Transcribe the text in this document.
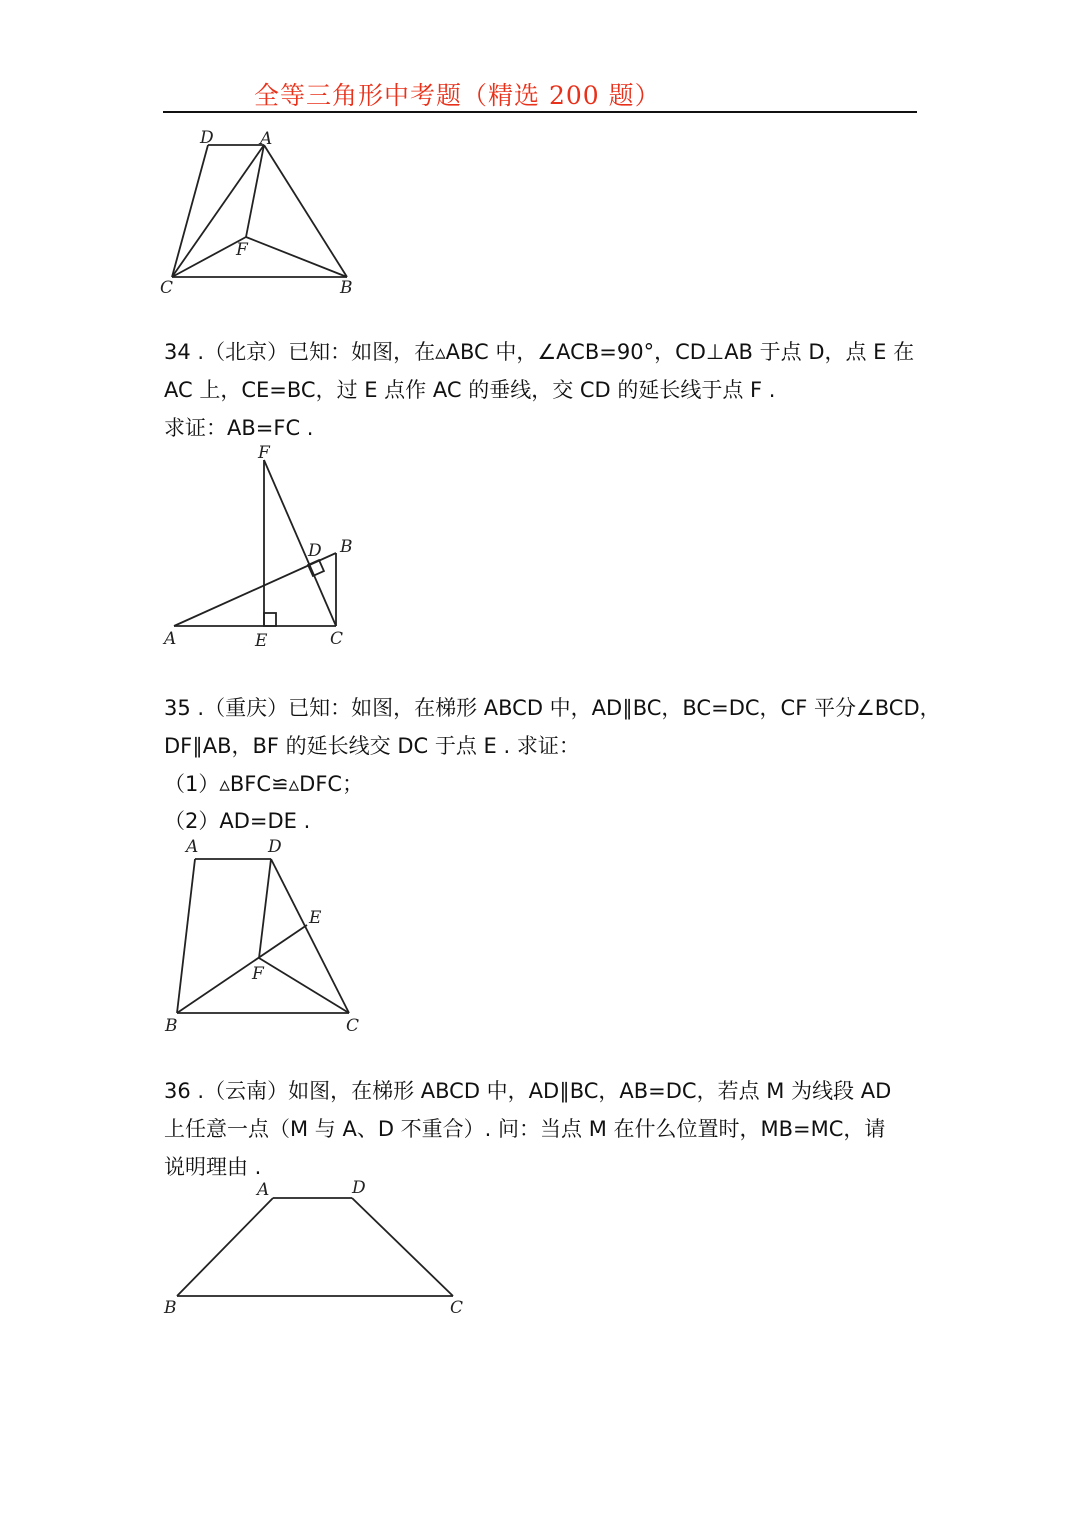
全等三角形中考题（精选 200 题）
D	A
F
C	B
34 .（北京）已知：如图，在▵ABC 中，∠ACB=90°，CD⊥AB 于点 D，点 E 在
AC 上，CE=BC，过 E 点作 AC 的垂线，交 CD 的延长线于点 F .
求证：AB=FC .
F
D B
A	E	C
35 .（重庆）已知：如图，在梯形 ABCD 中，AD∥BC，BC=DC，CF 平分∠BCD，
DF∥AB，BF 的延长线交 DC 于点 E . 求证：
（1）▵BFC≌▵DFC；
（2）AD=DE .
A	D
E
F
B	C
36 .（云南）如图，在梯形 ABCD 中，AD∥BC，AB=DC，若点 M 为线段 AD
上任意一点（M 与 A、D 不重合）. 问：当点 M 在什么位置时，MB=MC，请
说明理由 .
A	D
B	C
